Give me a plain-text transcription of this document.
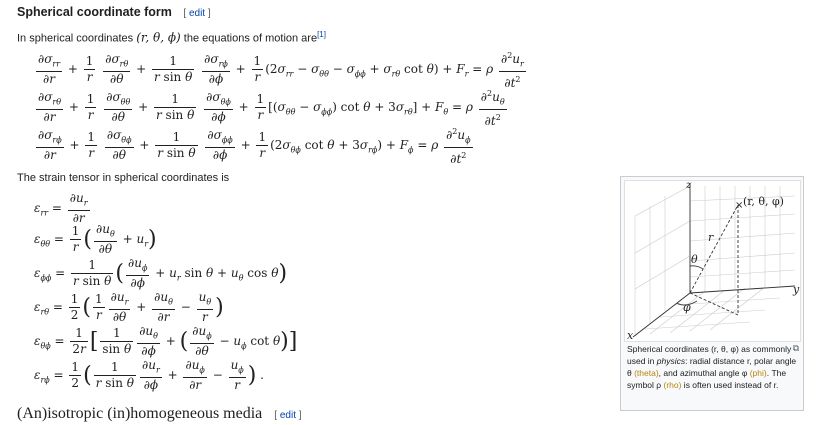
Spherical coordinate form [ edit ]
In spherical coordinates (r, θ, ϕ) the equations of motion are[1]
$\frac{\partial\sigma_{rr}}{\partial r} + \frac{1}{r}$
$\frac{\partial\sigma_{r\theta}}{\partial\theta} + \frac{1}{\text{r sin θ}}$
$\frac{\partial\sigma_{r\phi}}{\partial\phi} + \frac{1}{r} (2\sigma_{rr} - \sigma_{\theta\theta} - \sigma_{\phi\phi} + \sigma_{r\theta}$ $\cot \theta) + F_r = \rho \frac{\partial^2u_r}{\partial t^2}$
$\frac{\partial\sigma_{r\theta}}{\partial r} + \frac{1}{r}$
$\frac{\partial\sigma_{\theta\theta}}{\partial\theta} + \frac{1}{\text{r sin θ}}$
$\frac{\partial\sigma_{\theta\phi}}{\partial\phi} + \frac{1}{r} [(\sigma_{\theta\theta} - \sigma_{\phi\phi})$ $\cot \theta + 3\sigma_{r\theta}] + F_\theta = \rho \frac{\partial^2u_\theta}{\partial t^2}$
$\frac{\partial\sigma_{r\phi}}{\partial r} + \frac{1}{r}$
$\frac{\partial\sigma_{\theta\phi}}{\partial\theta} + \frac{1}{\text{r sin θ}}$
$\frac{\partial\sigma_{\phi\phi}}{\partial\phi} + \frac{1}{r} (2\sigma_{\theta\phi}$ $\cot \theta + 3\sigma_{r\phi}) + F_\phi = \rho \frac{\partial^2u_\phi}{\partial t^2}$
The strain tensor in spherical coordinates is
$\varepsilon_{rr} = \frac{\partial u_r}{\partial r}$
$\varepsilon_{\theta\theta} = \frac{1}{r}$ ( $\frac{\partial u_\theta}{\partial\theta} + u_r$)
$\varepsilon_{\phi\phi} = \frac{1}{\text{r sin θ}}$ ( $\frac{\partial u_\phi}{\partial\phi} + u_r$ $\sin \theta + u_\theta$ cos θ)
$\varepsilon_{r\theta} = \frac{1}{2}$ ( $\frac{1}{r} \frac{\partial u_r}{\partial\theta} + \frac{\partial u_\theta}{\partial r} - \frac{u_\theta}{r}$ )
$\varepsilon_{\theta\phi} = \frac{1}{2r}$ [ $\frac{1}{\text{sin θ}} \frac{\partial u_\theta}{\partial\phi}$ + ( $\frac{\partial u_\phi}{\partial\theta} - u_\phi$ cot θ)]
$\varepsilon_{r\phi} = \frac{1}{2}$ ( $\frac{1}{\text{r sin θ}} \frac{\partial u_r}{\partial\phi} + \frac{\partial u_\phi}{\partial r} - \frac{u_\phi}{r}$ ) .
× (r, θ, φ)
z
y
x
r
θ
φ
⧉
Spherical coordinates (r, θ, φ) as commonly used in physics: radial distance r, polar angle θ (theta), and azimuthal angle φ (phi). The symbol ρ (rho) is often used instead of r.
(An)isotropic (in)homogeneous media [ edit ]
